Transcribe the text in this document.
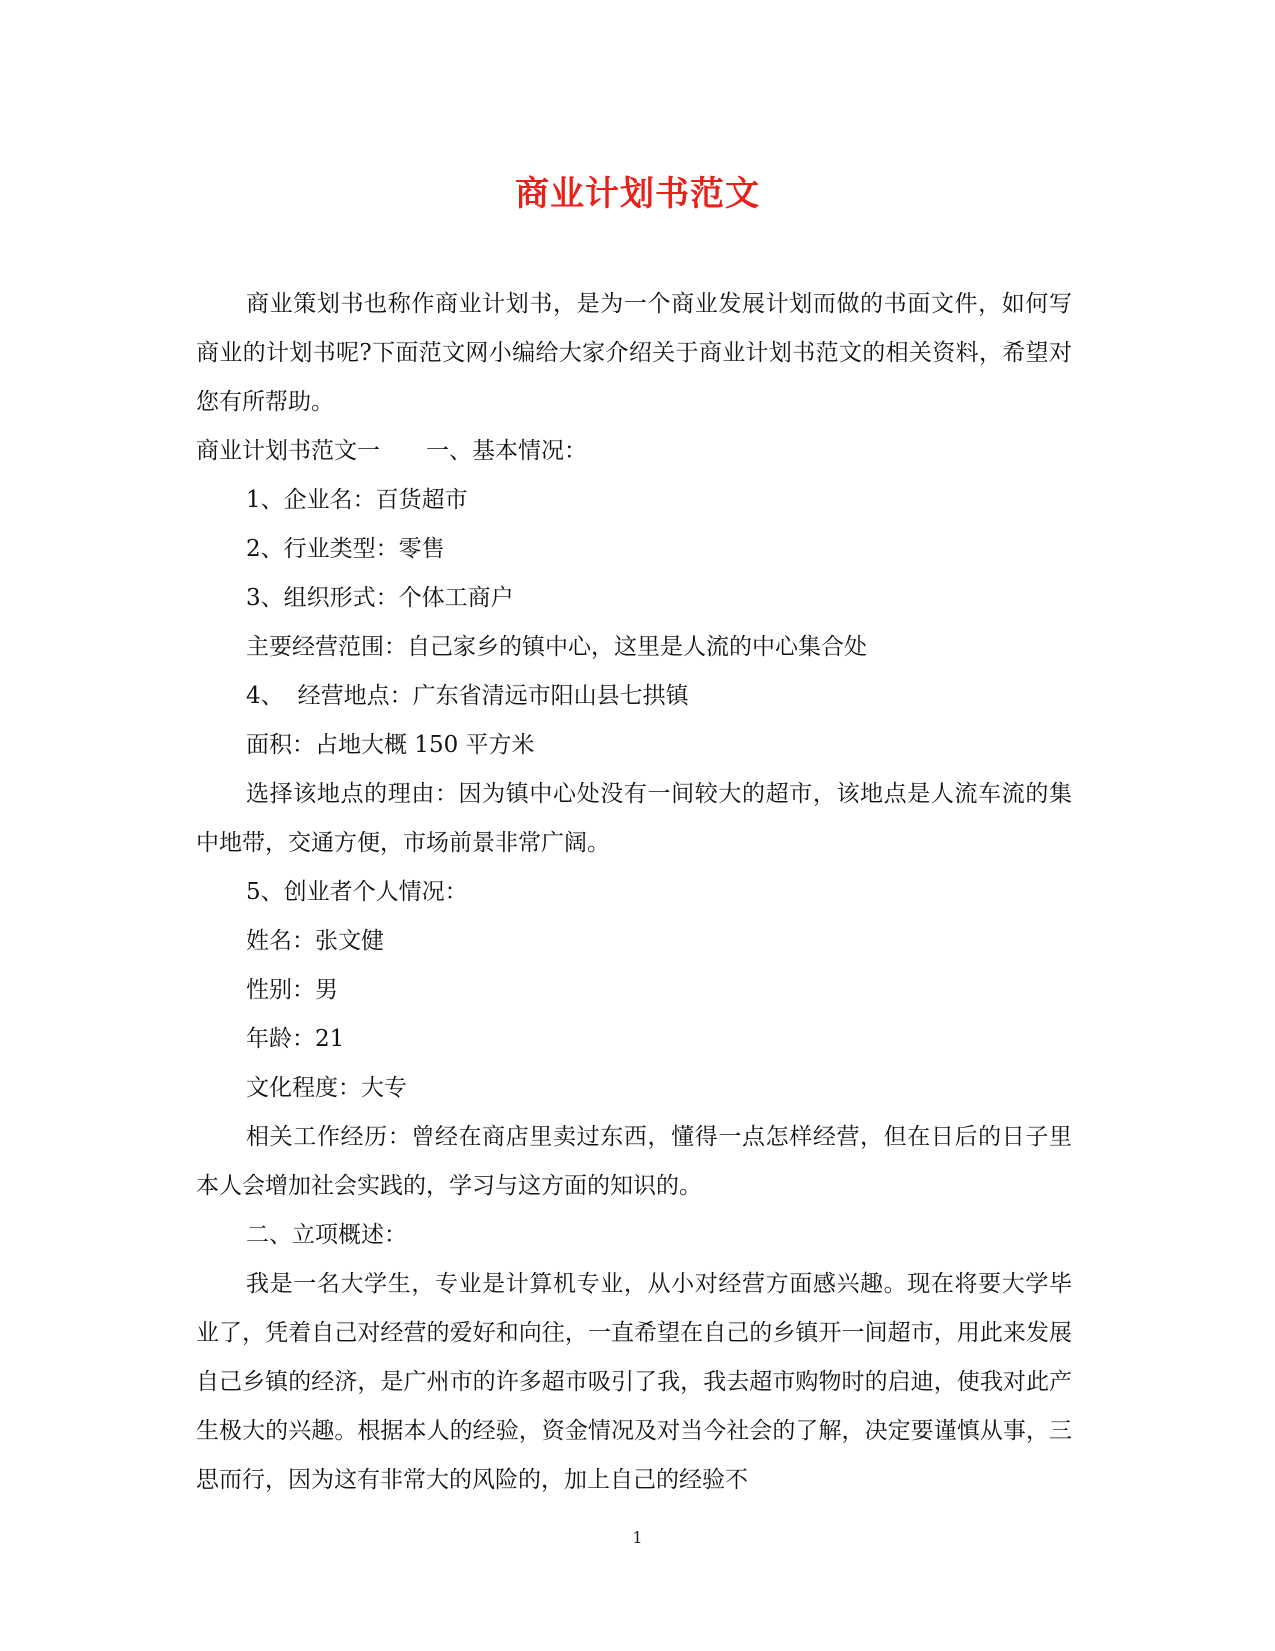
商业计划书范文

商业策划书也称作商业计划书，是为一个商业发展计划而做的书面文件，如何写商业的计划书呢?下面范文网小编给大家介绍关于商业计划书范文的相关资料，希望对您有所帮助。

商业计划书范文一 一、基本情况：

1、企业名：百货超市

2、行业类型：零售

3、组织形式：个体工商户

主要经营范围：自己家乡的镇中心，这里是人流的中心集合处

4、 经营地点：广东省清远市阳山县七拱镇

面积：占地大概 150 平方米

选择该地点的理由：因为镇中心处没有一间较大的超市，该地点是人流车流的集中地带，交通方便，市场前景非常广阔。

5、创业者个人情况：

姓名：张文健

性别：男

年龄：21

文化程度：大专

相关工作经历：曾经在商店里卖过东西，懂得一点怎样经营，但在日后的日子里本人会增加社会实践的，学习与这方面的知识的。

二、立项概述：

我是一名大学生，专业是计算机专业，从小对经营方面感兴趣。现在将要大学毕业了，凭着自己对经营的爱好和向往，一直希望在自己的乡镇开一间超市，用此来发展自己乡镇的经济，是广州市的许多超市吸引了我，我去超市购物时的启迪，使我对此产生极大的兴趣。根据本人的经验，资金情况及对当今社会的了解，决定要谨慎从事，三思而行，因为这有非常大的风险的，加上自己的经验不

1
